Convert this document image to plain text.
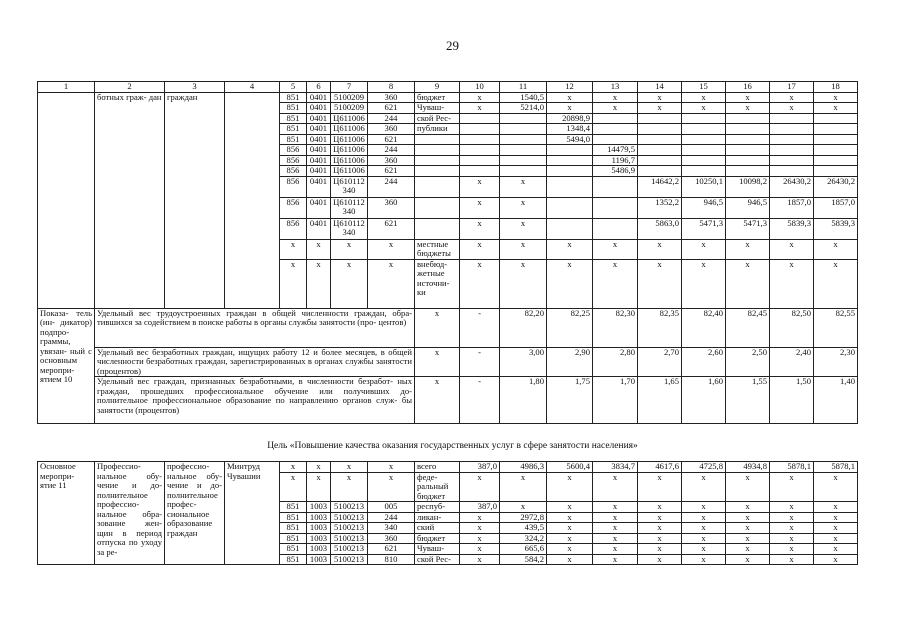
29
1	2	3	4	5	6	7	8	9	10	11	12	13	14	15	16	17	18
	ботных граж- дан	граждан		851	0401	5100209	360	бюджет	х	1540,5	х	х	х	х	х	х	х
				851	0401	5100209	621	Чуваш-	х	5214,0	х	х	х	х	х	х	х
				851	0401	Ц611006	244	ской Рес-			20898,9						
				851	0401	Ц611006	360	публики			1348,4						
				851	0401	Ц611006	621				5494,0						
				856	0401	Ц611006	244					14479,5					
				856	0401	Ц611006	360					1196,7					
				856	0401	Ц611006	621					5486,9					
				856	0401	Ц610112 340	244		х	х			14642,2	10250,1	10098,2	26430,2	26430,2
				856	0401	Ц610112 340	360		х	х			1352,2	946,5	946,5	1857,0	1857,0
				856	0401	Ц610112 340	621		х	х			5863,0	5471,3	5471,3	5839,3	5839,3
				х	х	х	х	местные бюджеты	х	х	х	х	х	х	х	х	х
				х	х	х	х	внебюд- жетные источни- ки	х	х	х	х	х	х	х	х	х
Показа- тель (ин- дикатор) подпро- граммы, увязан- ный с основным меропри- ятием 10	Удельный вес трудоустроенных граждан в общей численности граждан, обра- тившихся за содействием в поиске работы в органы службы занятости (про- центов)							х	-	82,20	82,25	82,30	82,35	82,40	82,45	82,50	82,55
	Удельный вес безработных граждан, ищущих работу 12 и более месяцев, в общей численности безработных граждан, зарегистрированных в органах службы занятости (процентов)							х	-	3,00	2,90	2,80	2,70	2,60	2,50	2,40	2,30
	Удельный вес граждан, признанных безработными, в численности безработ- ных граждан, прошедших профессиональное обучение или получивших до- полнительное профессиональное образование по направлению органов служ- бы занятости (процентов)							х	-	1,80	1,75	1,70	1,65	1,60	1,55	1,50	1,40
Цель «Повышение качества оказания государственных услуг в сфере занятости населения»
Основное меропри- ятие 11	Профессио- нальное обу- чение и до- полнительное профессио- нальное обра- зование жен- щин в период отпуска по уходу за ре-	профессио- нальное обу- чение и до- полнительное профес- сиональное образование граждан	Минтруд Чувашии	х	х	х	х	всего	387,0	4986,3	5600,4	3834,7	4617,6	4725,8	4934,8	5878,1	5878,1
				х	х	х	х	феде- ральный бюджет	х	х	х	х	х	х	х	х	х
				851	1003	5100213	005	респуб-	387,0	х	х	х	х	х	х	х	х
				851	1003	5100213	244	ликан-	х	2972,8	х	х	х	х	х	х	х
				851	1003	5100213	340	ский	х	439,5	х	х	х	х	х	х	х
				851	1003	5100213	360	бюджет	х	324,2	х	х	х	х	х	х	х
				851	1003	5100213	621	Чуваш-	х	665,6	х	х	х	х	х	х	х
				851	1003	5100213	810	ской Рес-	х	584,2	х	х	х	х	х	х	х
